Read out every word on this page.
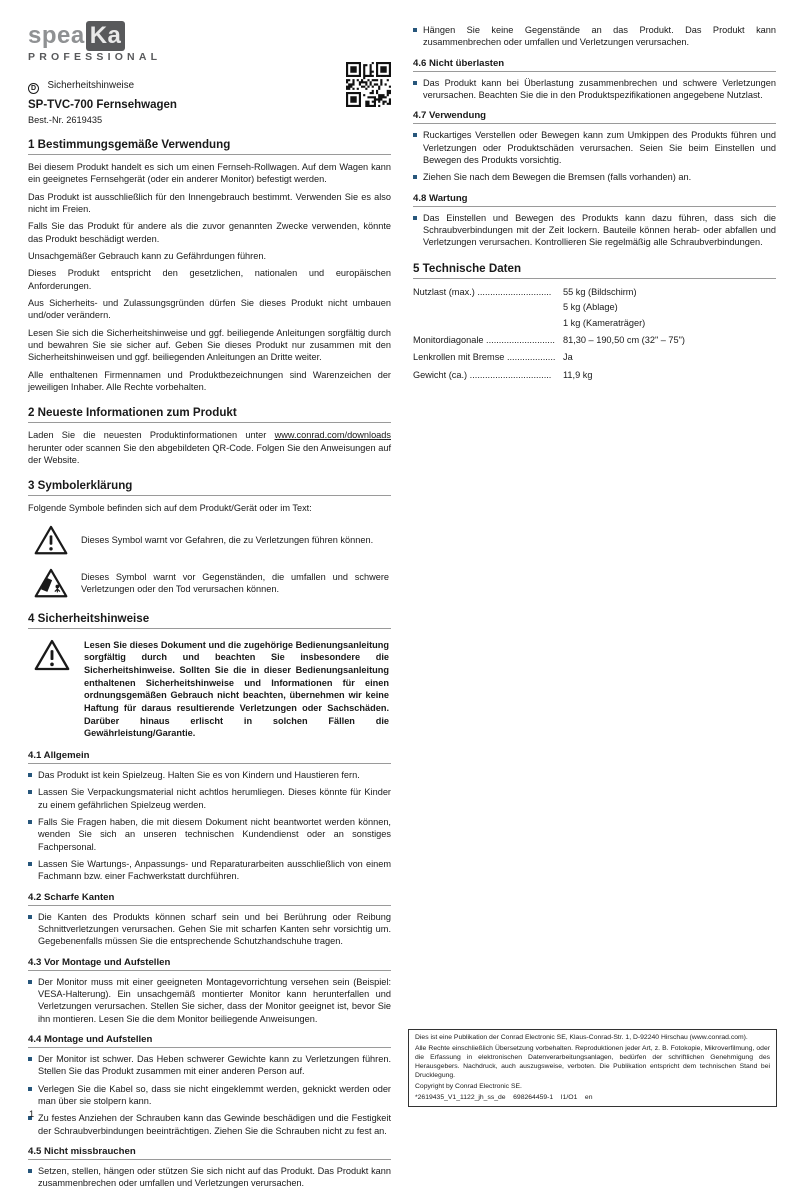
spea Ka
PROFESSIONAL
D Sicherheitshinweise
SP-TVC-700 Fernsehwagen
Best.-Nr. 2619435
1 Bestimmungsgemäße Verwendung

Bei diesem Produkt handelt es sich um einen Fernseh-Rollwagen. Auf dem Wagen kann ein geeignetes Fernsehgerät (oder ein anderer Monitor) befestigt werden.

Das Produkt ist ausschließlich für den Innengebrauch bestimmt. Verwenden Sie es also nicht im Freien.

Falls Sie das Produkt für andere als die zuvor genannten Zwecke verwenden, könnte das Produkt beschädigt werden.

Unsachgemäßer Gebrauch kann zu Gefährdungen führen.

Dieses Produkt entspricht den gesetzlichen, nationalen und europäischen Anforderungen.

Aus Sicherheits- und Zulassungsgründen dürfen Sie dieses Produkt nicht umbauen und/oder verändern.

Lesen Sie sich die Sicherheitshinweise und ggf. beiliegende Anleitungen sorgfältig durch und bewahren Sie sie sicher auf. Geben Sie dieses Produkt nur zusammen mit den Sicherheitshinweisen und ggf. beiliegenden Anleitungen an Dritte weiter.

Alle enthaltenen Firmennamen und Produktbezeichnungen sind Warenzeichen der jeweiligen Inhaber. Alle Rechte vorbehalten.

2 Neueste Informationen zum Produkt

Laden Sie die neuesten Produktinformationen unter www.conrad.com/downloads herunter oder scannen Sie den abgebildeten QR-Code. Folgen Sie den Anweisungen auf der Website.

3 Symbolerklärung

Folgende Symbole befinden sich auf dem Produkt/Gerät oder im Text:

Dieses Symbol warnt vor Gefahren, die zu Verletzungen führen können.
Dieses Symbol warnt vor Gegenständen, die umfallen und schwere Verletzungen oder den Tod verursachen können.
4 Sicherheitshinweise
Lesen Sie dieses Dokument und die zugehörige Bedienungsanleitung sorgfältig durch und beachten Sie insbesondere die Sicherheitshinweise. Sollten Sie die in dieser Bedienungsanleitung enthaltenen Sicherheitshinweise und Informationen für einen ordnungsgemäßen Gebrauch nicht beachten, übernehmen wir keine Haftung für daraus resultierende Verletzungen oder Sachschäden. Darüber hinaus erlischt in solchen Fällen die Gewährleistung/Garantie.
4.1 Allgemein
Das Produkt ist kein Spielzeug. Halten Sie es von Kindern und Haustieren fern.
Lassen Sie Verpackungsmaterial nicht achtlos herumliegen. Dieses könnte für Kinder zu einem gefährlichen Spielzeug werden.
Falls Sie Fragen haben, die mit diesem Dokument nicht beantwortet werden können, wenden Sie sich an unseren technischen Kundendienst oder an sonstiges Fachpersonal.
Lassen Sie Wartungs-, Anpassungs- und Reparaturarbeiten ausschließlich von einem Fachmann bzw. einer Fachwerkstatt durchführen.
4.2 Scharfe Kanten
Die Kanten des Produkts können scharf sein und bei Berührung oder Reibung Schnittverletzungen verursachen. Gehen Sie mit scharfen Kanten sehr vorsichtig um. Gegebenenfalls müssen Sie die entsprechende Schutzhandschuhe tragen.
4.3 Vor Montage und Aufstellen
Der Monitor muss mit einer geeigneten Montagevorrichtung versehen sein (Beispiel: VESA-Halterung). Ein unsachgemäß montierter Monitor kann herunterfallen und Verletzungen verursachen. Stellen Sie sicher, dass der Monitor geeignet ist, bevor Sie ihn montieren. Lesen Sie die dem Monitor beiliegende Anweisungen.
4.4 Montage und Aufstellen
Der Monitor ist schwer. Das Heben schwerer Gewichte kann zu Verletzungen führen. Stellen Sie das Produkt zusammen mit einer anderen Person auf.
Verlegen Sie die Kabel so, dass sie nicht eingeklemmt werden, geknickt werden oder man über sie stolpern kann.
Zu festes Anziehen der Schrauben kann das Gewinde beschädigen und die Festigkeit der Schraubverbindungen beeinträchtigen. Ziehen Sie die Schrauben nicht zu fest an.
4.5 Nicht missbrauchen
Setzen, stellen, hängen oder stützen Sie sich nicht auf das Produkt. Das Produkt kann zusammenbrechen oder umfallen und Verletzungen verursachen.
Hängen Sie keine Gegenstände an das Produkt. Das Produkt kann zusammenbrechen oder umfallen und Verletzungen verursachen.
4.6 Nicht überlasten
Das Produkt kann bei Überlastung zusammenbrechen und schwere Verletzungen verursachen. Beachten Sie die in den Produktspezifikationen angegebene Nutzlast.
4.7 Verwendung
Ruckartiges Verstellen oder Bewegen kann zum Umkippen des Produkts führen und Verletzungen oder Produktschäden verursachen. Seien Sie beim Einstellen und Bewegen des Produkts vorsichtig.
Ziehen Sie nach dem Bewegen die Bremsen (falls vorhanden) an.
4.8 Wartung
Das Einstellen und Bewegen des Produkts kann dazu führen, dass sich die Schraubverbindungen mit der Zeit lockern. Bauteile können herab- oder abfallen und Verletzungen verursachen. Kontrollieren Sie regelmäßig alle Schraubverbindungen.
5 Technische Daten
Nutzlast (max.) .............................	55 kg (Bildschirm)
5 kg (Ablage)
1 kg (Kameraträger)
Monitordiagonale ........................... 81,30 – 190,50 cm (32" – 75")
Lenkrollen mit Bremse ................... Ja
Gewicht (ca.) ................................	11,9 kg

Dies ist eine Publikation der Conrad Electronic SE, Klaus-Conrad-Str. 1, D-92240 Hirschau (www.conrad.com).

Alle Rechte einschließlich Übersetzung vorbehalten. Reproduktionen jeder Art, z. B. Fotokopie, Mikroverfilmung, oder die Erfassung in elektronischen Datenverarbeitungsanlagen, bedürfen der schriftlichen Genehmigung des Herausgebers. Nachdruck, auch auszugsweise, verboten. Die Publikation entspricht dem technischen Stand bei Drucklegung.

Copyright by Conrad Electronic SE.

*2619435_V1_1122_jh_ss_de    698264459-1    I1/O1    en

1
